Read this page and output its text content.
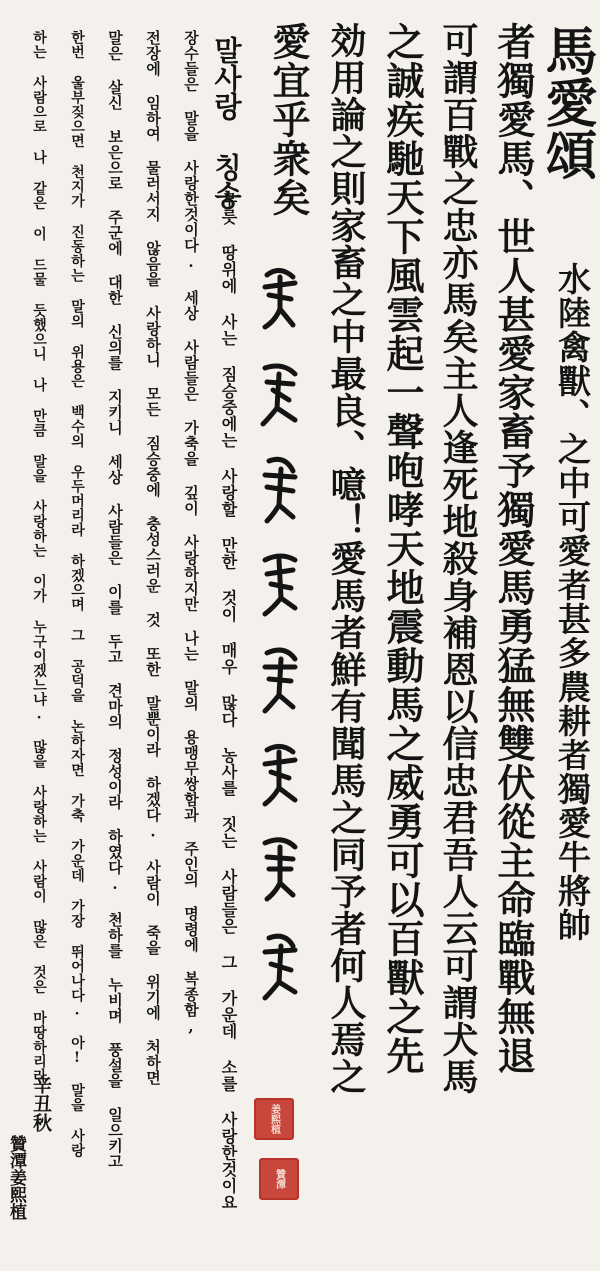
馬愛頌
水陸禽獸、之中可愛者甚多農耕者獨愛牛將帥
者獨愛馬、世人甚愛家畜予獨愛馬勇猛無雙伏從主命臨戰無退
可謂百戰之忠亦馬矣主人逢死地殺身補恩以信忠君吾人云可謂犬馬
之誠疾馳天下風雲起一聲咆哮天地震動馬之威勇可以百獸之先
効用論之則家畜之中最良、噫！愛馬者鮮有聞馬之同予者何人焉之
愛宜乎衆矣
姜熙植
贊潭
말사랑 칭송
무릇 땅위에 사는 짐승중에는 사랑할 만한 것이 매우 많다 농사를 짓는 사람들은 그 가운데 소를 사랑한것이요
장수들은 말을 사랑한것이다. 세상 사람들은 가축을 깊이 사랑하지만 나는 말의 용맹무쌍함과 주인의 명령에 복종함,
전장에 임하여 물러서지 않음을 사랑하니 모든 짐승중에 충성스러운 것 또한 말뿐이라 하겠다. 사람이 죽을 위기에 처하면
말은 살신 보은으로 주군에 대한 신의를 지키니 세상 사람들은 이를 두고 견마의 정성이라 하였다. 천하를 누비며 풍설을 일으키고
한번 울부짖으면 천지가 진동하는 말의 위용은 백수의 우두머리라 하겠으며 그 공덕을 논하자면 가축 가운데 가장 뛰어나다. 아! 말을 사랑
하는 사람으로 나 같은 이 드물 듯했으니 나 만큼 말을 사랑하는 이가 누구이겠느냐. 많을 사랑하는 사람이 많은 것은 마땅하리라
辛丑秋
贊潭姜熙植
